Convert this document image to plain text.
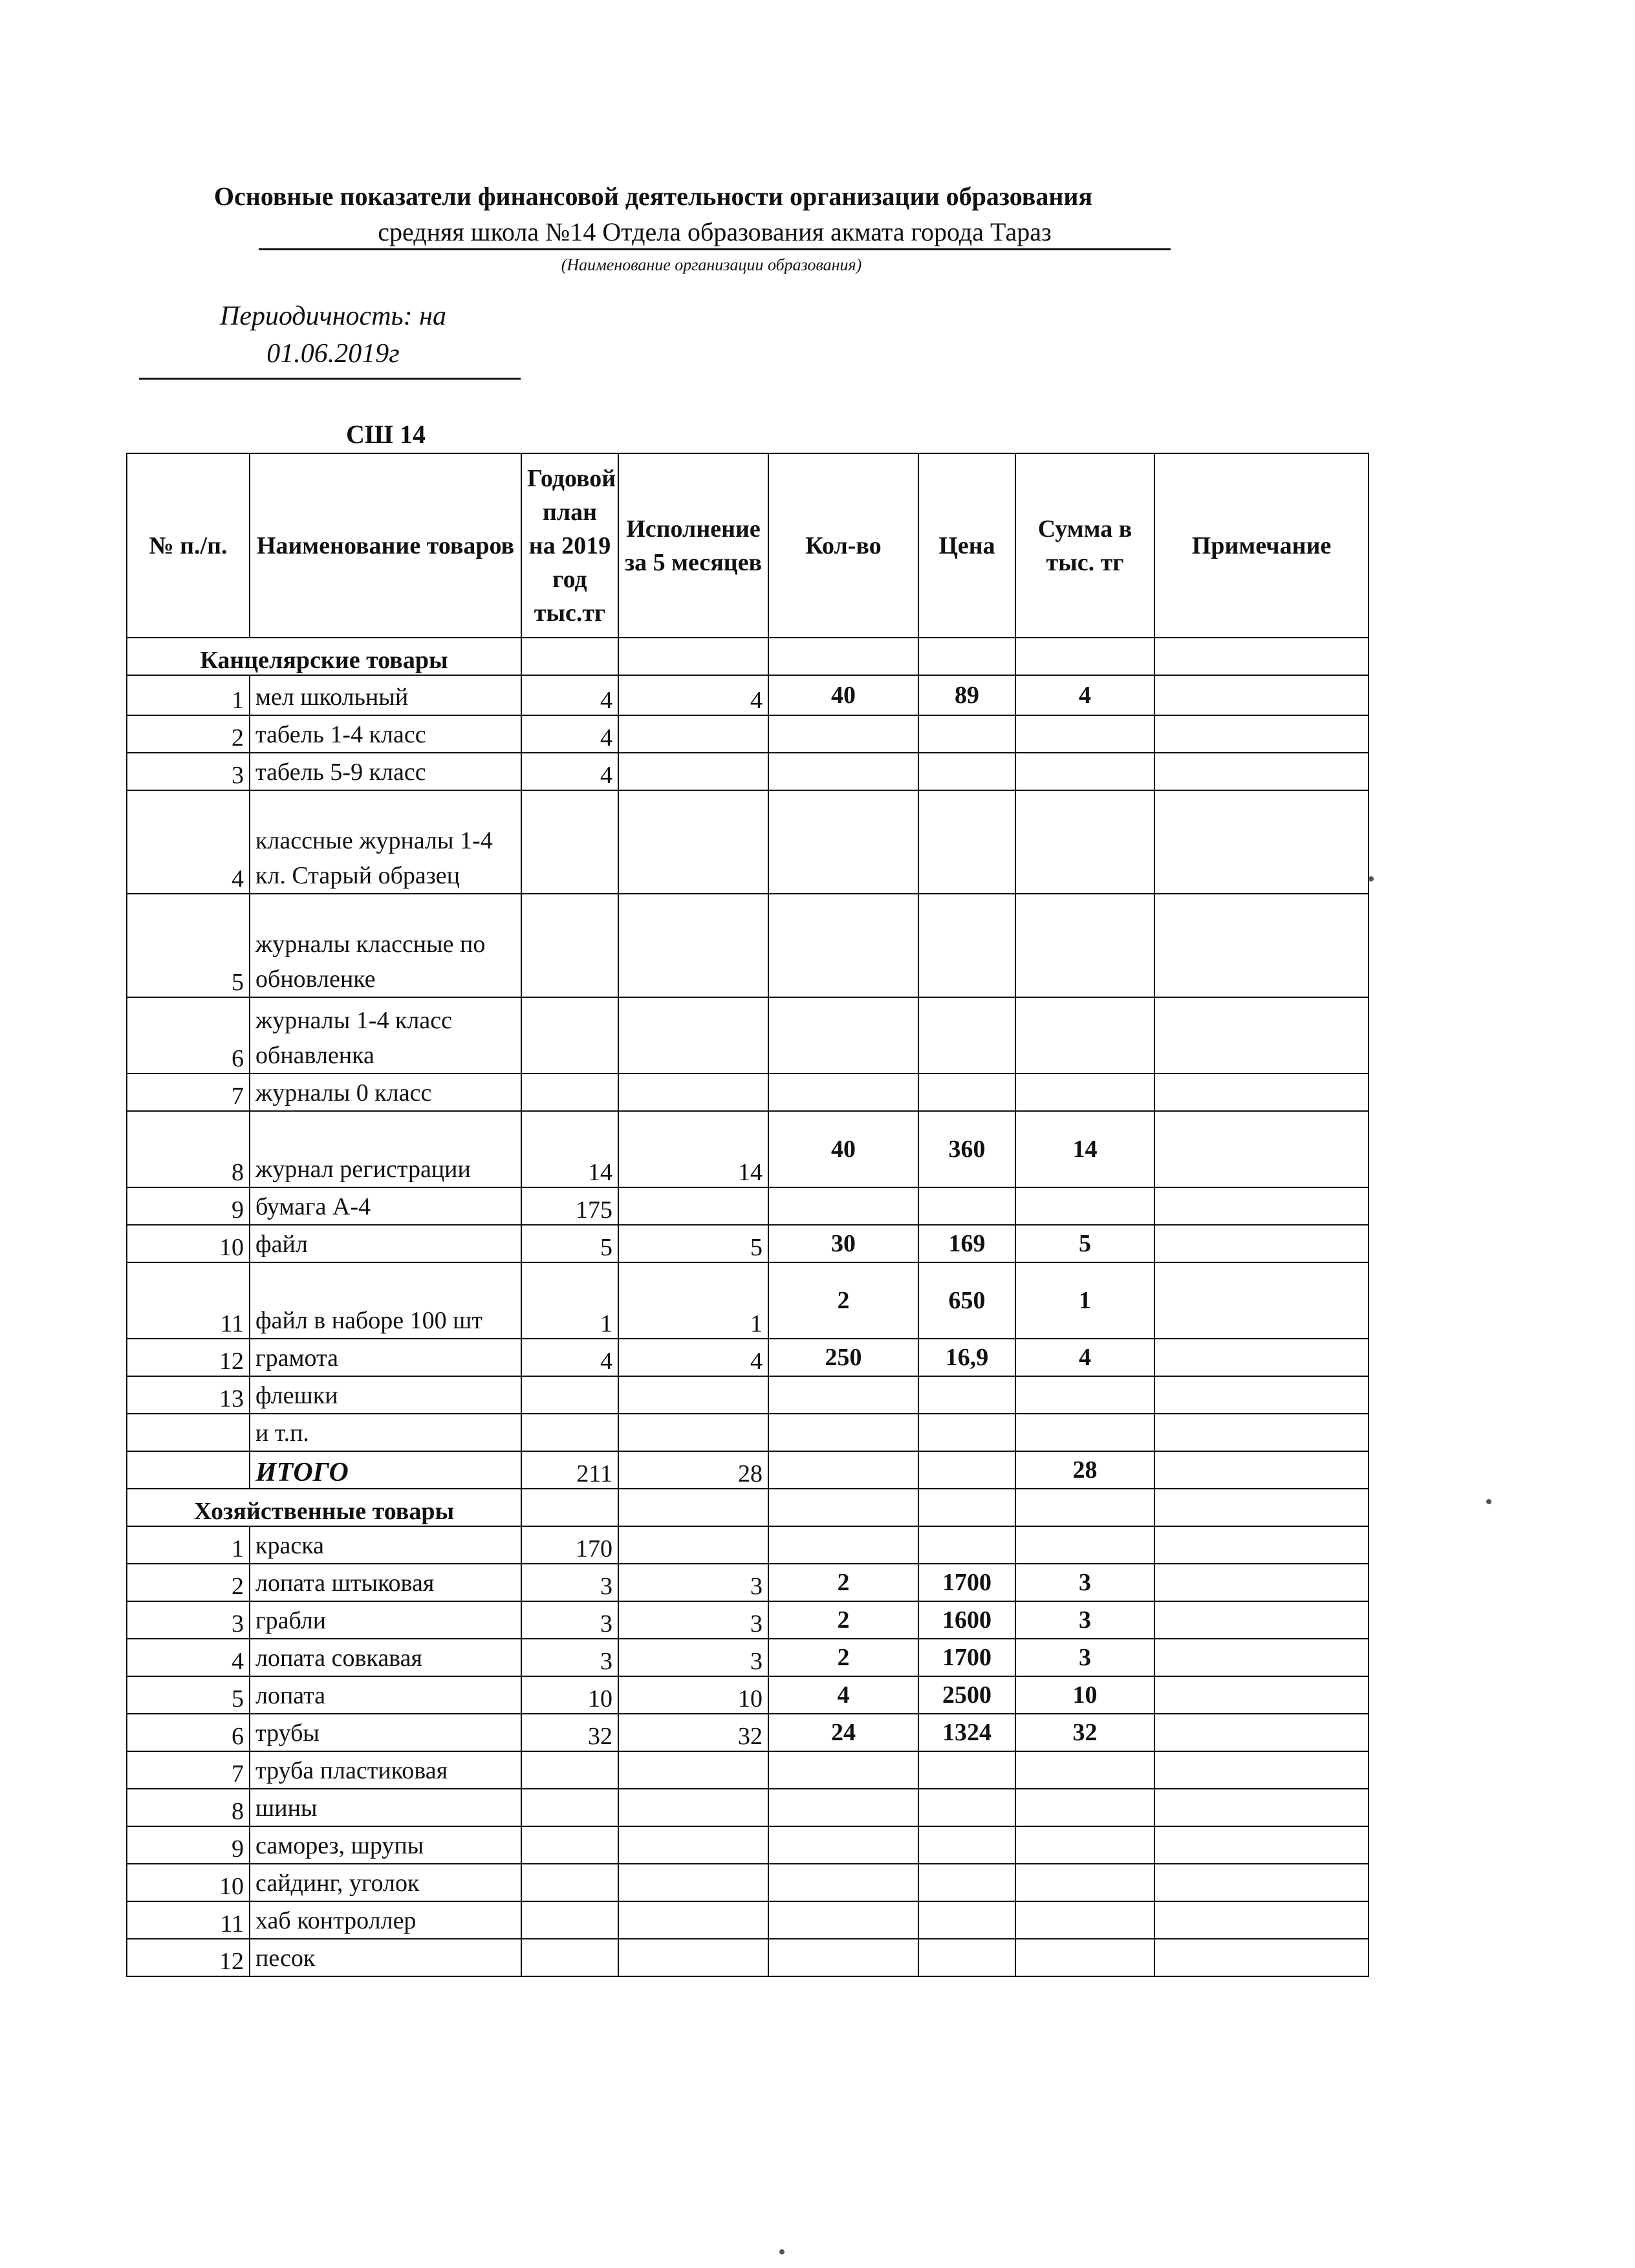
Основные показатели финансовой деятельности организации образования
средняя школа №14 Отдела образования акмата города Тараз
(Наименование организации образования)
Периодичность: на
01.06.2019г
СШ 14
№ п./п.	Наименование товаров	Годовой план на 2019 год тыс.тг	Исполнение за 5 месяцев	Кол-во	Цена	Сумма в тыс. тг	Примечание
Канцелярские товары							
1	мел школьный	4	4	40	89	4	
2	табель 1-4 класс	4					
3	табель 5-9 класс	4					
4	классные журналы 1-4 кл. Старый образец						
5	журналы классные по обновленке						
6	журналы 1-4 класс обнавленка						
7	журналы 0 класс						
8	журнал регистрации	14	14	40	360	14	
9	бумага А-4	175					
10	файл	5	5	30	169	5	
11	файл в наборе 100 шт	1	1	2	650	1	
12	грамота	4	4	250	16,9	4	
13	флешки						
	и т.п.						
	ИТОГО	211	28			28	
Хозяйственные товары							
1	краска	170					
2	лопата штыковая	3	3	2	1700	3	
3	грабли	3	3	2	1600	3	
4	лопата совкавая	3	3	2	1700	3	
5	лопата	10	10	4	2500	10	
6	трубы	32	32	24	1324	32	
7	труба пластиковая						
8	шины						
9	саморез, шрупы						
10	сайдинг, уголок						
11	хаб контроллер						
12	песок						
